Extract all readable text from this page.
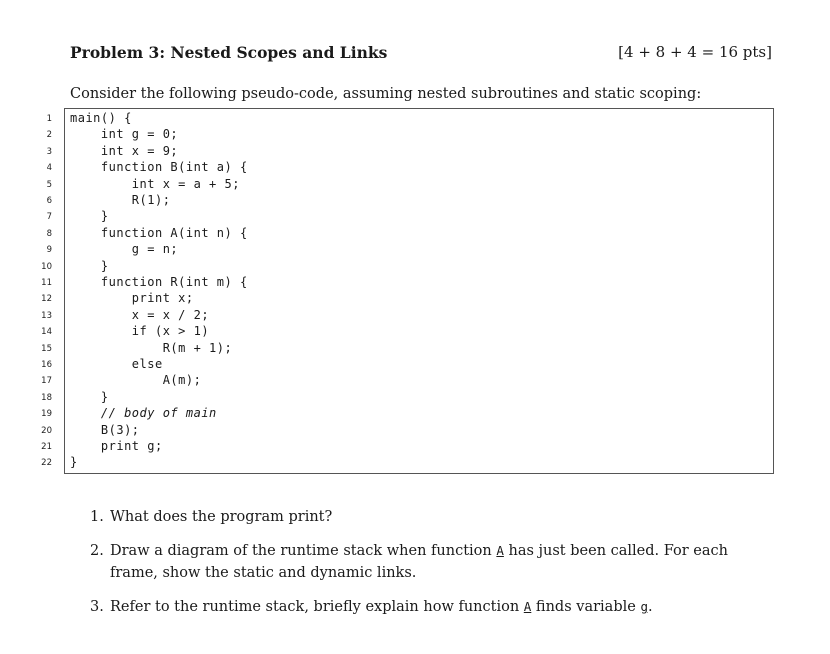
Problem 3: Nested Scopes and Links	[4 + 8 + 4 = 16 pts]
Consider the following pseudo-code, assuming nested subroutines and static scoping:
1 main() {
2 int g = 0;
3 int x = 9;
4 function B(int a) {
5 int x = a + 5;
6 R(1);
7 }
8 function A(int n) {
9 g = n;
10 }
11 function R(int m) {
12 print x;
13 x = x / 2;
14 if (x > 1)
15 R(m + 1);
16 else
17 A(m);
18 }
19 // body of main
20 B(3);
21 print g;
22 }
1. What does the program print?
2. Draw a diagram of the runtime stack when function A has just been called. For each frame, show the static and dynamic links.
3. Refer to the runtime stack, briefly explain how function A finds variable g.
